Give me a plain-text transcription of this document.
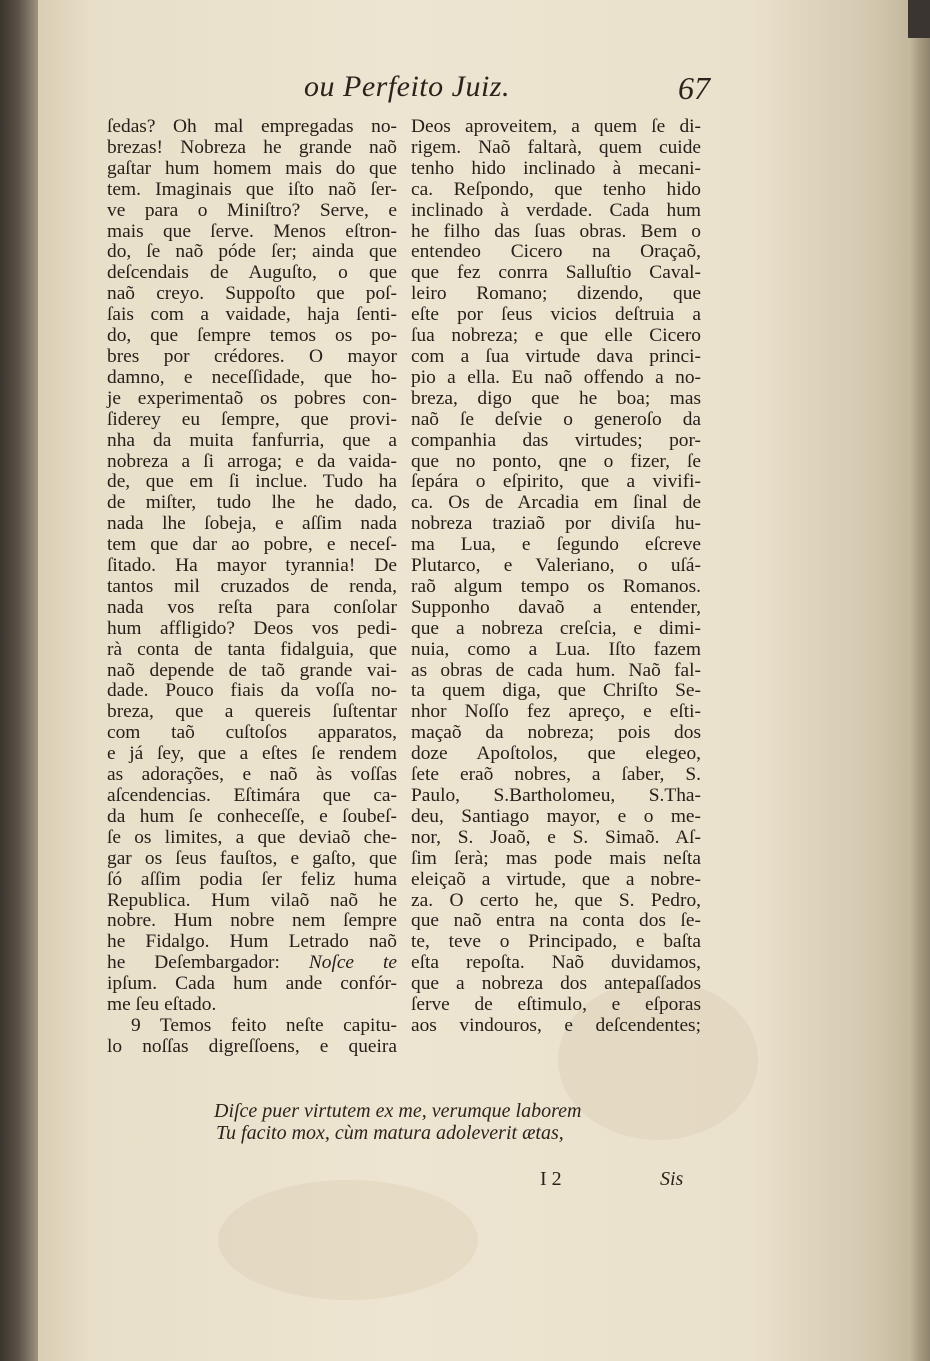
ou Perfeito Juiz.	67
ſedas? Oh mal empregadas no-
brezas! Nobreza he grande naõ
gaſtar hum homem mais do que
tem. Imaginais que iſto naõ ſer-
ve para o Miniſtro? Serve, e
mais que ſerve. Menos eſtron-
do, ſe naõ póde ſer; ainda que
deſcendais de Auguſto, o que
naõ creyo. Suppoſto que poſ-
ſais com a vaidade, haja ſenti-
do, que ſempre temos os po-
bres por crédores. O mayor
damno, e neceſſidade, que ho-
je experimentaõ os pobres con-
ſiderey eu ſempre, que provi-
nha da muita fanfurria, que a
nobreza a ſi arroga; e da vaida-
de, que em ſi inclue. Tudo ha
de miſter, tudo lhe he dado,
nada lhe ſobeja, e aſſim nada
tem que dar ao pobre, e neceſ-
ſitado. Ha mayor tyrannia! De
tantos mil cruzados de renda,
nada vos reſta para conſolar
hum affligido? Deos vos pedi-
rà conta de tanta fidalguia, que
naõ depende de taõ grande vai-
dade. Pouco fiais da voſſa no-
breza, que a quereis ſuſtentar
com taõ cuſtoſos apparatos,
e já ſey, que a eſtes ſe rendem
as adorações, e naõ às voſſas
aſcendencias. Eſtimára que ca-
da hum ſe conheceſſe, e ſoubeſ-
ſe os limites, a que deviaõ che-
gar os ſeus fauſtos, e gaſto, que
ſó aſſim podia ſer feliz huma
Republica. Hum vilaõ naõ he
nobre. Hum nobre nem ſempre
he Fidalgo. Hum Letrado naõ
he Deſembargador: Noſce te
ipſum. Cada hum ande confór-
me ſeu eſtado.
9 Temos feito neſte capitu-
lo noſſas digreſſoens, e queira
Deos aproveitem, a quem ſe di-
rigem. Naõ faltarà, quem cuide
tenho hido inclinado à mecani-
ca. Reſpondo, que tenho hido
inclinado à verdade. Cada hum
he filho das ſuas obras. Bem o
entendeo Cicero na Oraçaõ,
que fez conrra Salluſtio Caval-
leiro Romano; dizendo, que
eſte por ſeus vicios deſtruia a
ſua nobreza; e que elle Cicero
com a ſua virtude dava princi-
pio a ella. Eu naõ offendo a no-
breza, digo que he boa; mas
naõ ſe deſvie o generoſo da
companhia das virtudes; por-
que no ponto, qne o fizer, ſe
ſepára o eſpirito, que a vivifi-
ca. Os de Arcadia em ſinal de
nobreza traziaõ por diviſa hu-
ma Lua, e ſegundo eſcreve
Plutarco, e Valeriano, o uſá-
raõ algum tempo os Romanos.
Supponho davaõ a entender,
que a nobreza creſcia, e dimi-
nuia, como a Lua. Iſto fazem
as obras de cada hum. Naõ fal-
ta quem diga, que Chriſto Se-
nhor Noſſo fez apreço, e eſti-
maçaõ da nobreza; pois dos
doze Apoſtolos, que elegeo,
ſete eraõ nobres, a ſaber, S.
Paulo, S.Bartholomeu, S.Tha-
deu, Santiago mayor, e o me-
nor, S. Joaõ, e S. Simaõ. Aſ-
ſim ſerà; mas pode mais neſta
eleiçaõ a virtude, que a nobre-
za. O certo he, que S. Pedro,
que naõ entra na conta dos ſe-
te, teve o Principado, e baſta
eſta repoſta. Naõ duvidamos,
que a nobreza dos antepaſſados
ſerve de eſtimulo, e eſporas
aos vindouros, e deſcendentes;
Diſce puer virtutem ex me, verumque laborem
Tu facito mox, cùm matura adoleverit ætas,
I 2	Sis
